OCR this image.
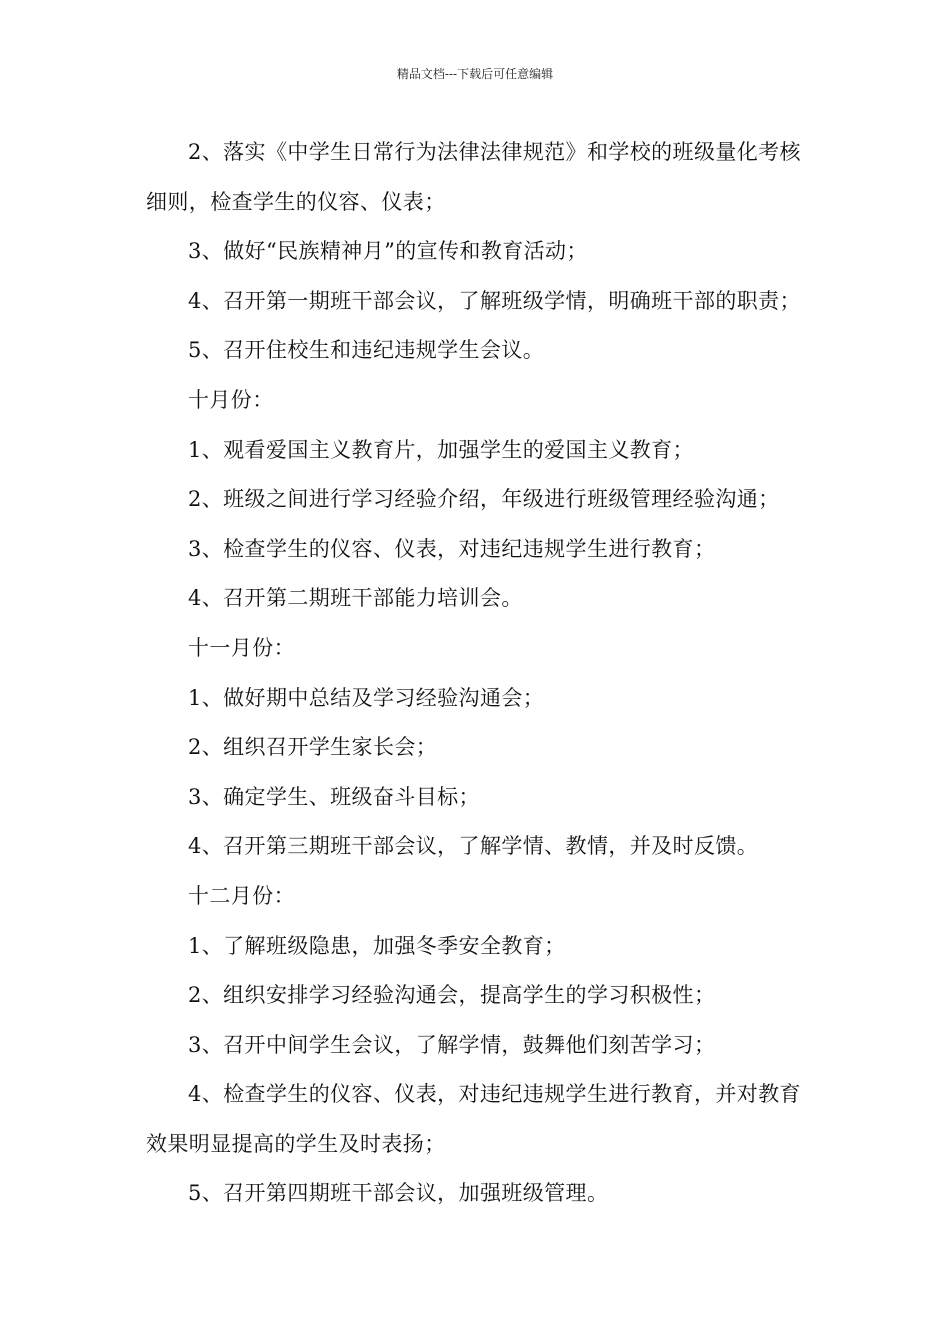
精品文档---下载后可任意编辑

2、落实《中学生日常行为法律法律规范》和学校的班级量化考核细则，检查学生的仪容、仪表；

3、做好“民族精神月”的宣传和教育活动；

4、召开第一期班干部会议，了解班级学情，明确班干部的职责；

5、召开住校生和违纪违规学生会议。

十月份：

1、观看爱国主义教育片，加强学生的爱国主义教育；

2、班级之间进行学习经验介绍，年级进行班级管理经验沟通；

3、检查学生的仪容、仪表，对违纪违规学生进行教育；

4、召开第二期班干部能力培训会。

十一月份：

1、做好期中总结及学习经验沟通会；

2、组织召开学生家长会；

3、确定学生、班级奋斗目标；

4、召开第三期班干部会议，了解学情、教情，并及时反馈。

十二月份：

1、了解班级隐患，加强冬季安全教育；

2、组织安排学习经验沟通会，提高学生的学习积极性；

3、召开中间学生会议，了解学情，鼓舞他们刻苦学习；

4、检查学生的仪容、仪表，对违纪违规学生进行教育，并对教育效果明显提高的学生及时表扬；

5、召开第四期班干部会议，加强班级管理。
